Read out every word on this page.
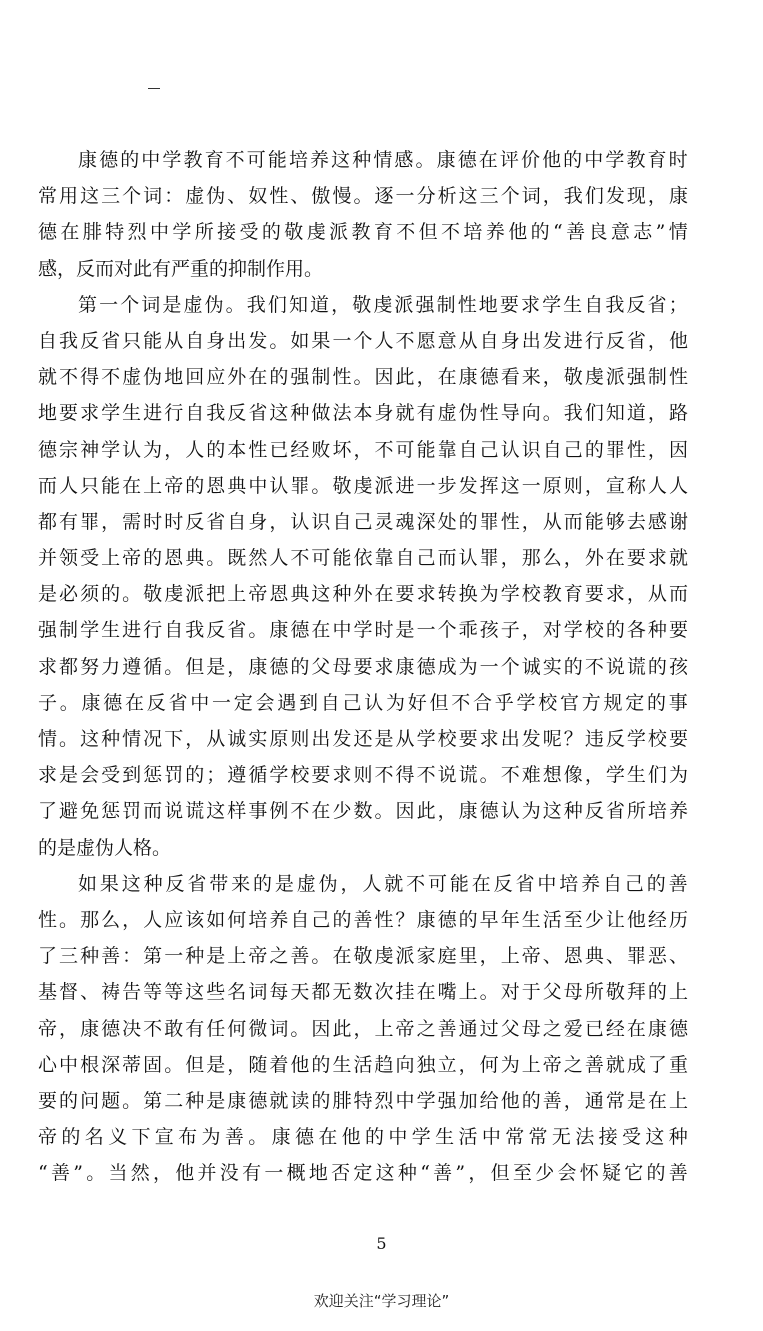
康 德 的 中 学 教 育 不 可 能 培 养 这 种 情 感 。 康 德 在 评 价 他 的 中 学 教 育 时
常 用 这 三 个 词 ： 虚 伪 、 奴 性 、 傲 慢 。 逐 一 分 析 这 三 个 词 ， 我 们 发 现 ， 康
德 在 腓 特 烈 中 学 所 接 受 的 敬 虔 派 教 育 不 但 不 培 养 他 的 “ 善 良 意 志 ” 情
感，反而对此有严重的抑制作用。
第 一 个 词 是 虚 伪 。 我 们 知 道 ， 敬 虔 派 强 制 性 地 要 求 学 生 自 我 反 省 ；
自 我 反 省 只 能 从 自 身 出 发 。 如 果 一 个 人 不 愿 意 从 自 身 出 发 进 行 反 省 ， 他
就 不 得 不 虚 伪 地 回 应 外 在 的 强 制 性 。 因 此 ， 在 康 德 看 来 ， 敬 虔 派 强 制 性
地 要 求 学 生 进 行 自 我 反 省 这 种 做 法 本 身 就 有 虚 伪 性 导 向 。 我 们 知 道 ， 路
德 宗 神 学 认 为 ， 人 的 本 性 已 经 败 坏 ， 不 可 能 靠 自 己 认 识 自 己 的 罪 性 ， 因
而 人 只 能 在 上 帝 的 恩 典 中 认 罪 。 敬 虔 派 进 一 步 发 挥 这 一 原 则 ， 宣 称 人 人
都 有 罪 ， 需 时 时 反 省 自 身 ， 认 识 自 己 灵 魂 深 处 的 罪 性 ， 从 而 能 够 去 感 谢
并 领 受 上 帝 的 恩 典 。 既 然 人 不 可 能 依 靠 自 己 而 认 罪 ， 那 么 ， 外 在 要 求 就
是 必 须 的 。 敬 虔 派 把 上 帝 恩 典 这 种 外 在 要 求 转 换 为 学 校 教 育 要 求 ， 从 而
强 制 学 生 进 行 自 我 反 省 。 康 德 在 中 学 时 是 一 个 乖 孩 子 ， 对 学 校 的 各 种 要
求 都 努 力 遵 循 。 但 是 ， 康 德 的 父 母 要 求 康 德 成 为 一 个 诚 实 的 不 说 谎 的 孩
子 。 康 德 在 反 省 中 一 定 会 遇 到 自 己 认 为 好 但 不 合 乎 学 校 官 方 规 定 的 事
情 。 这 种 情 况 下 ， 从 诚 实 原 则 出 发 还 是 从 学 校 要 求 出 发 呢 ？ 违 反 学 校 要
求 是 会 受 到 惩 罚 的 ； 遵 循 学 校 要 求 则 不 得 不 说 谎 。 不 难 想 像 ， 学 生 们 为
了 避 免 惩 罚 而 说 谎 这 样 事 例 不 在 少 数 。 因 此 ， 康 德 认 为 这 种 反 省 所 培 养
的是虚伪人格。
如 果 这 种 反 省 带 来 的 是 虚 伪 ， 人 就 不 可 能 在 反 省 中 培 养 自 己 的 善
性 。 那 么 ， 人 应 该 如 何 培 养 自 己 的 善 性 ？ 康 德 的 早 年 生 活 至 少 让 他 经 历
了 三 种 善 ： 第 一 种 是 上 帝 之 善 。 在 敬 虔 派 家 庭 里 ， 上 帝 、 恩 典 、 罪 恶 、
基 督 、 祷 告 等 等 这 些 名 词 每 天 都 无 数 次 挂 在 嘴 上 。 对 于 父 母 所 敬 拜 的 上
帝 ， 康 德 决 不 敢 有 任 何 微 词 。 因 此 ， 上 帝 之 善 通 过 父 母 之 爱 已 经 在 康 德
心 中 根 深 蒂 固 。 但 是 ， 随 着 他 的 生 活 趋 向 独 立 ， 何 为 上 帝 之 善 就 成 了 重
要 的 问 题 。 第 二 种 是 康 德 就 读 的 腓 特 烈 中 学 强 加 给 他 的 善 ， 通 常 是 在 上
帝 的 名 义 下 宣 布 为 善 。 康 德 在 他 的 中 学 生 活 中 常 常 无 法 接 受 这 种
“ 善 ” 。 当 然 ， 他 并 没 有 一 概 地 否 定 这 种 “ 善 ” ， 但 至 少 会 怀 疑 它 的 善
5
欢迎关注“学习理论”
